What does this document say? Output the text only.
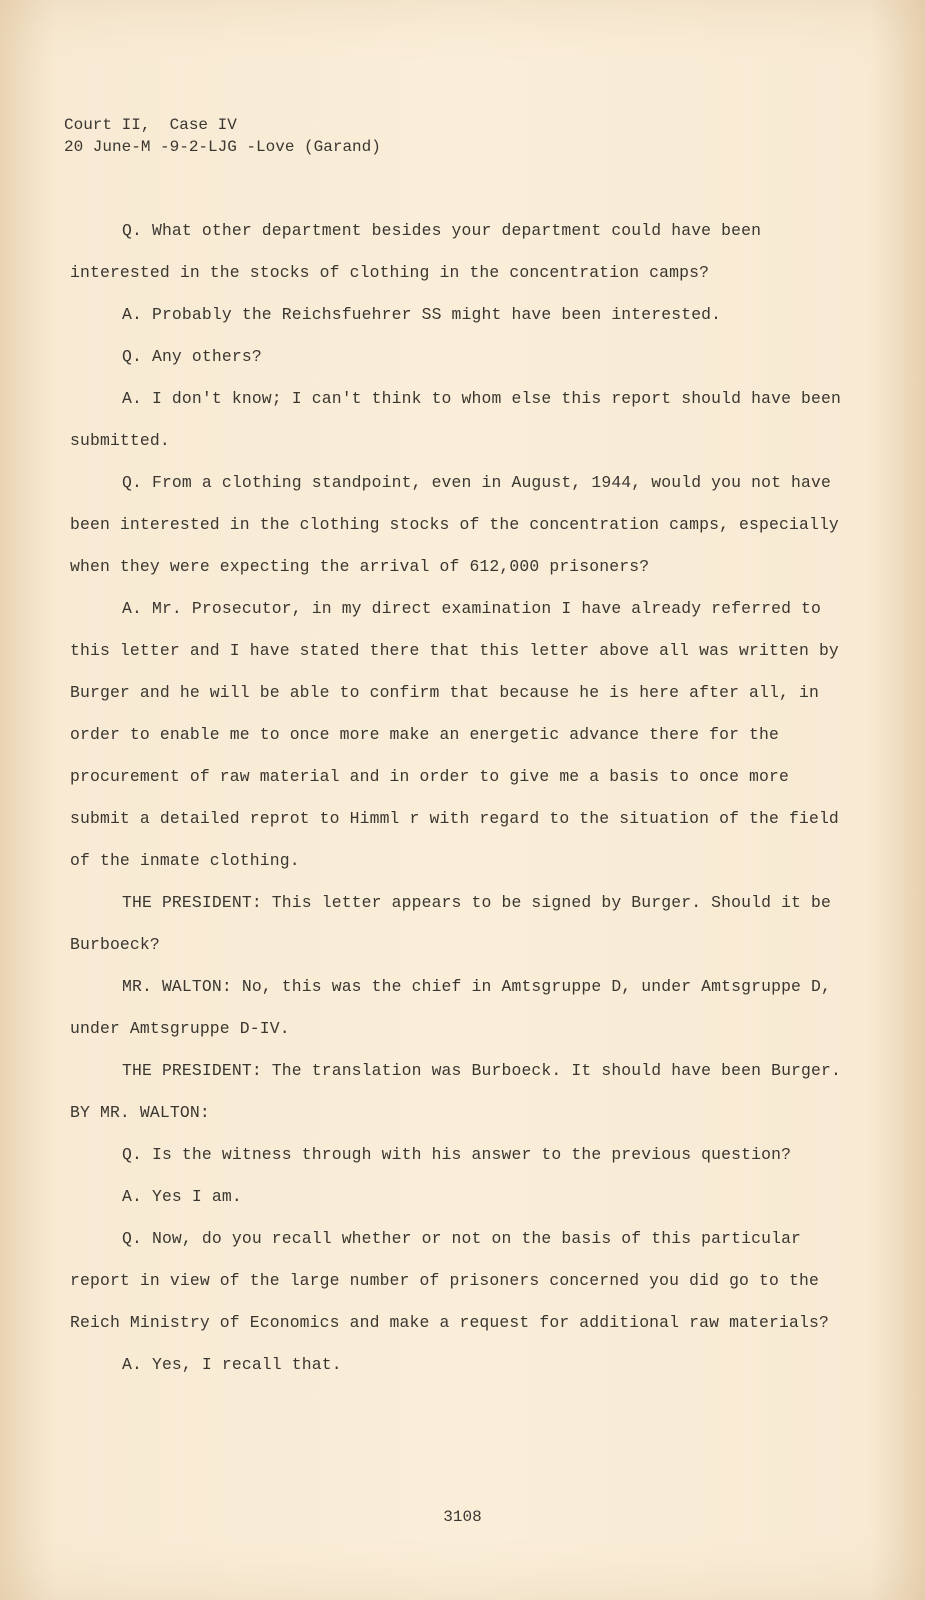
Court II,  Case IV
20 June-M -9-2-LJG -Love (Garand)

Q. What other department besides your department could have been interested in the stocks of clothing in the concentration camps?

A. Probably the Reichsfuehrer SS might have been interested.

Q. Any others?

A. I don't know; I can't think to whom else this report should have been submitted.

Q. From a clothing standpoint, even in August, 1944, would you not have been interested in the clothing stocks of the concentration camps, especially when they were expecting the arrival of 612,000 prisoners?

A. Mr. Prosecutor, in my direct examination I have already referred to this letter and I have stated there that this letter above all was written by Burger and he will be able to confirm that because he is here after all, in order to enable me to once more make an energetic advance there for the procurement of raw material and in order to give me a basis to once more submit a detailed reprot to Himml r with regard to the situation of the field of the inmate clothing.

THE PRESIDENT: This letter appears to be signed by Burger. Should it be Burboeck?

MR. WALTON: No, this was the chief in Amtsgruppe D, under Amtsgruppe D, under Amtsgruppe D-IV.

THE PRESIDENT: The translation was Burboeck. It should have been Burger.

BY MR. WALTON:

Q. Is the witness through with his answer to the previous question?

A. Yes I am.

Q. Now, do you recall whether or not on the basis of this particular report in view of the large number of prisoners concerned you did go to the Reich Ministry of Economics and make a request for additional raw materials?

A. Yes, I recall that.

3108
